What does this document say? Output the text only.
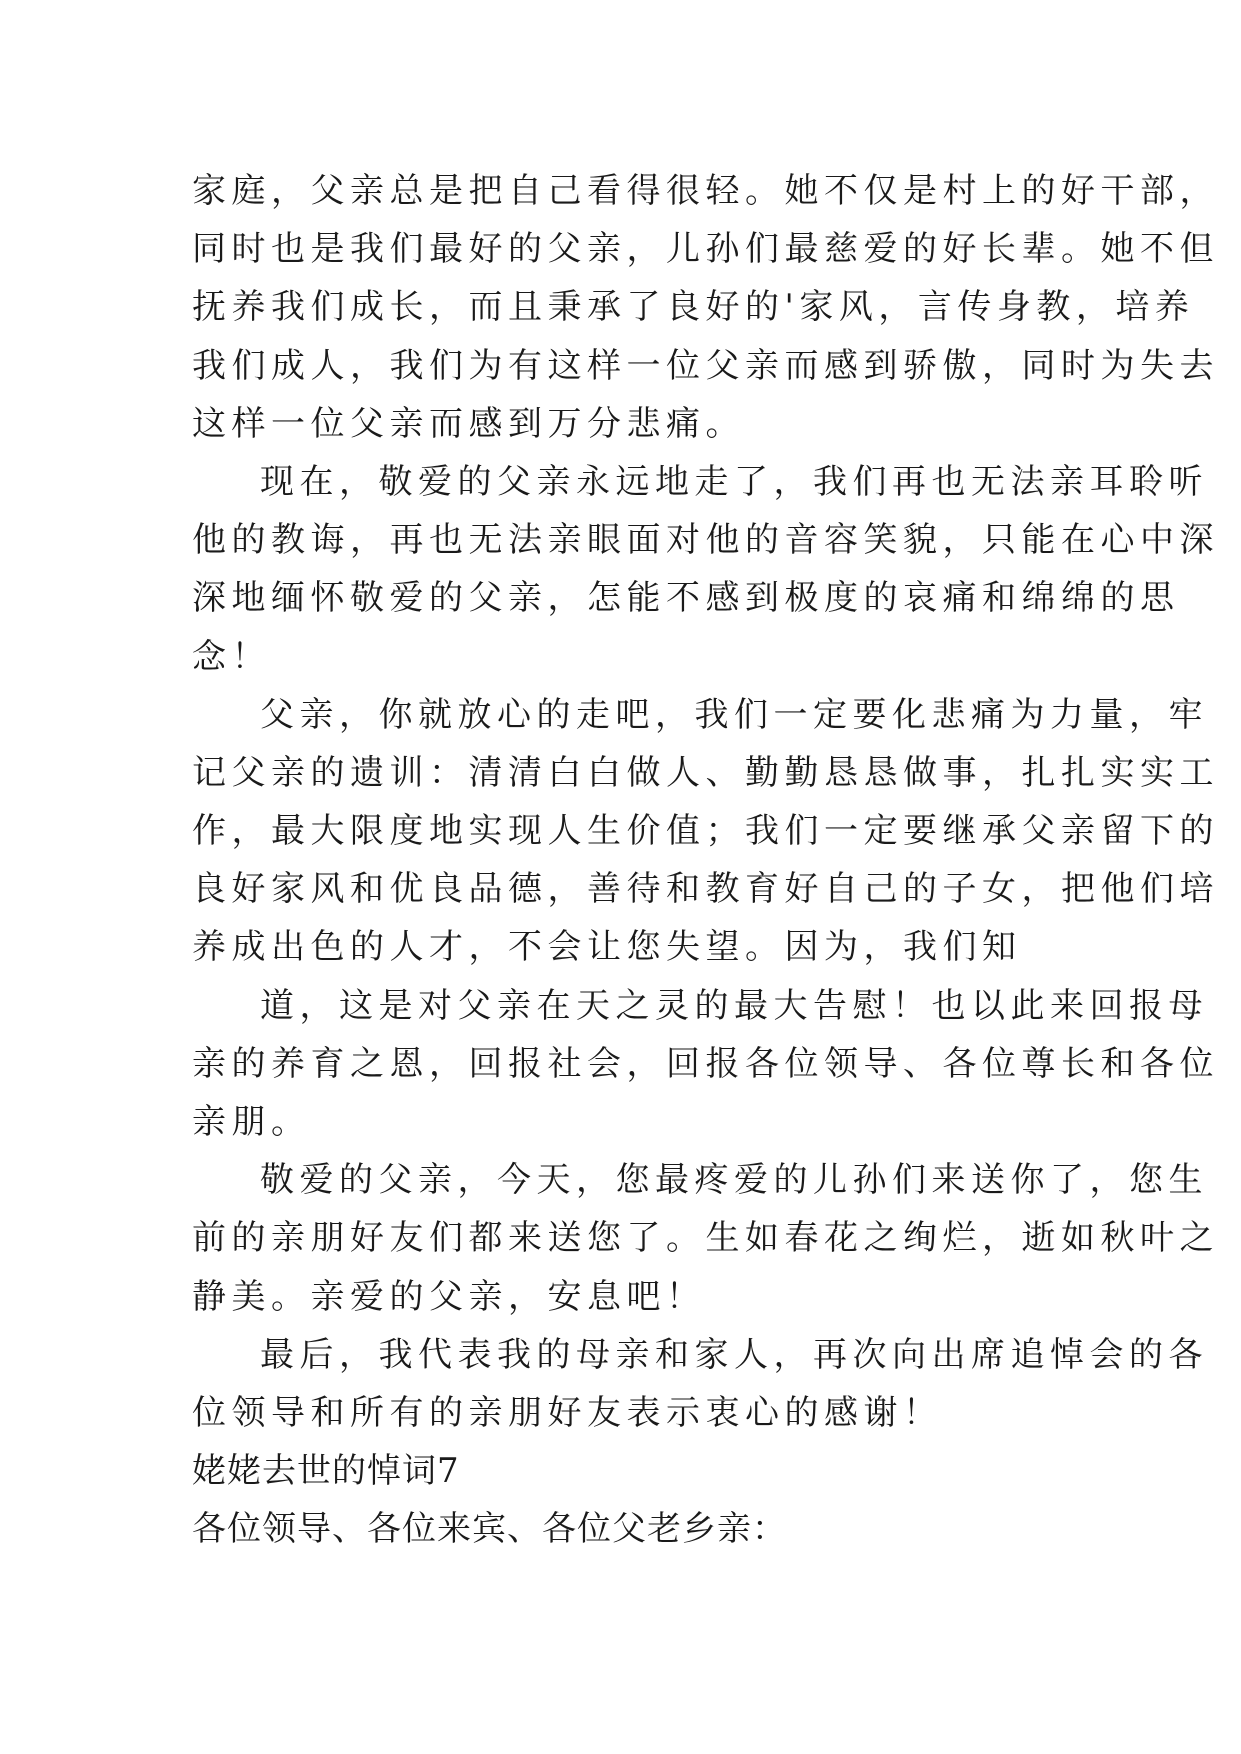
家庭，父亲总是把自己看得很轻。她不仅是村上的好干部，
同时也是我们最好的父亲，儿孙们最慈爱的好长辈。她不但
抚养我们成长，而且秉承了良好的'家风，言传身教，培养
我们成人，我们为有这样一位父亲而感到骄傲，同时为失去
这样一位父亲而感到万分悲痛。
现在，敬爱的父亲永远地走了，我们再也无法亲耳聆听
他的教诲，再也无法亲眼面对他的音容笑貌，只能在心中深
深地缅怀敬爱的父亲，怎能不感到极度的哀痛和绵绵的思
念！
父亲，你就放心的走吧，我们一定要化悲痛为力量，牢
记父亲的遗训：清清白白做人、勤勤恳恳做事，扎扎实实工
作，最大限度地实现人生价值；我们一定要继承父亲留下的
良好家风和优良品德，善待和教育好自己的子女，把他们培
养成出色的人才，不会让您失望。因为，我们知
道，这是对父亲在天之灵的最大告慰！也以此来回报母
亲的养育之恩，回报社会，回报各位领导、各位尊长和各位
亲朋。
敬爱的父亲，今天，您最疼爱的儿孙们来送你了，您生
前的亲朋好友们都来送您了。生如春花之绚烂，逝如秋叶之
静美。亲爱的父亲，安息吧！
最后，我代表我的母亲和家人，再次向出席追悼会的各
位领导和所有的亲朋好友表示衷心的感谢！
姥姥去世的悼词7
各位领导、各位来宾、各位父老乡亲：
